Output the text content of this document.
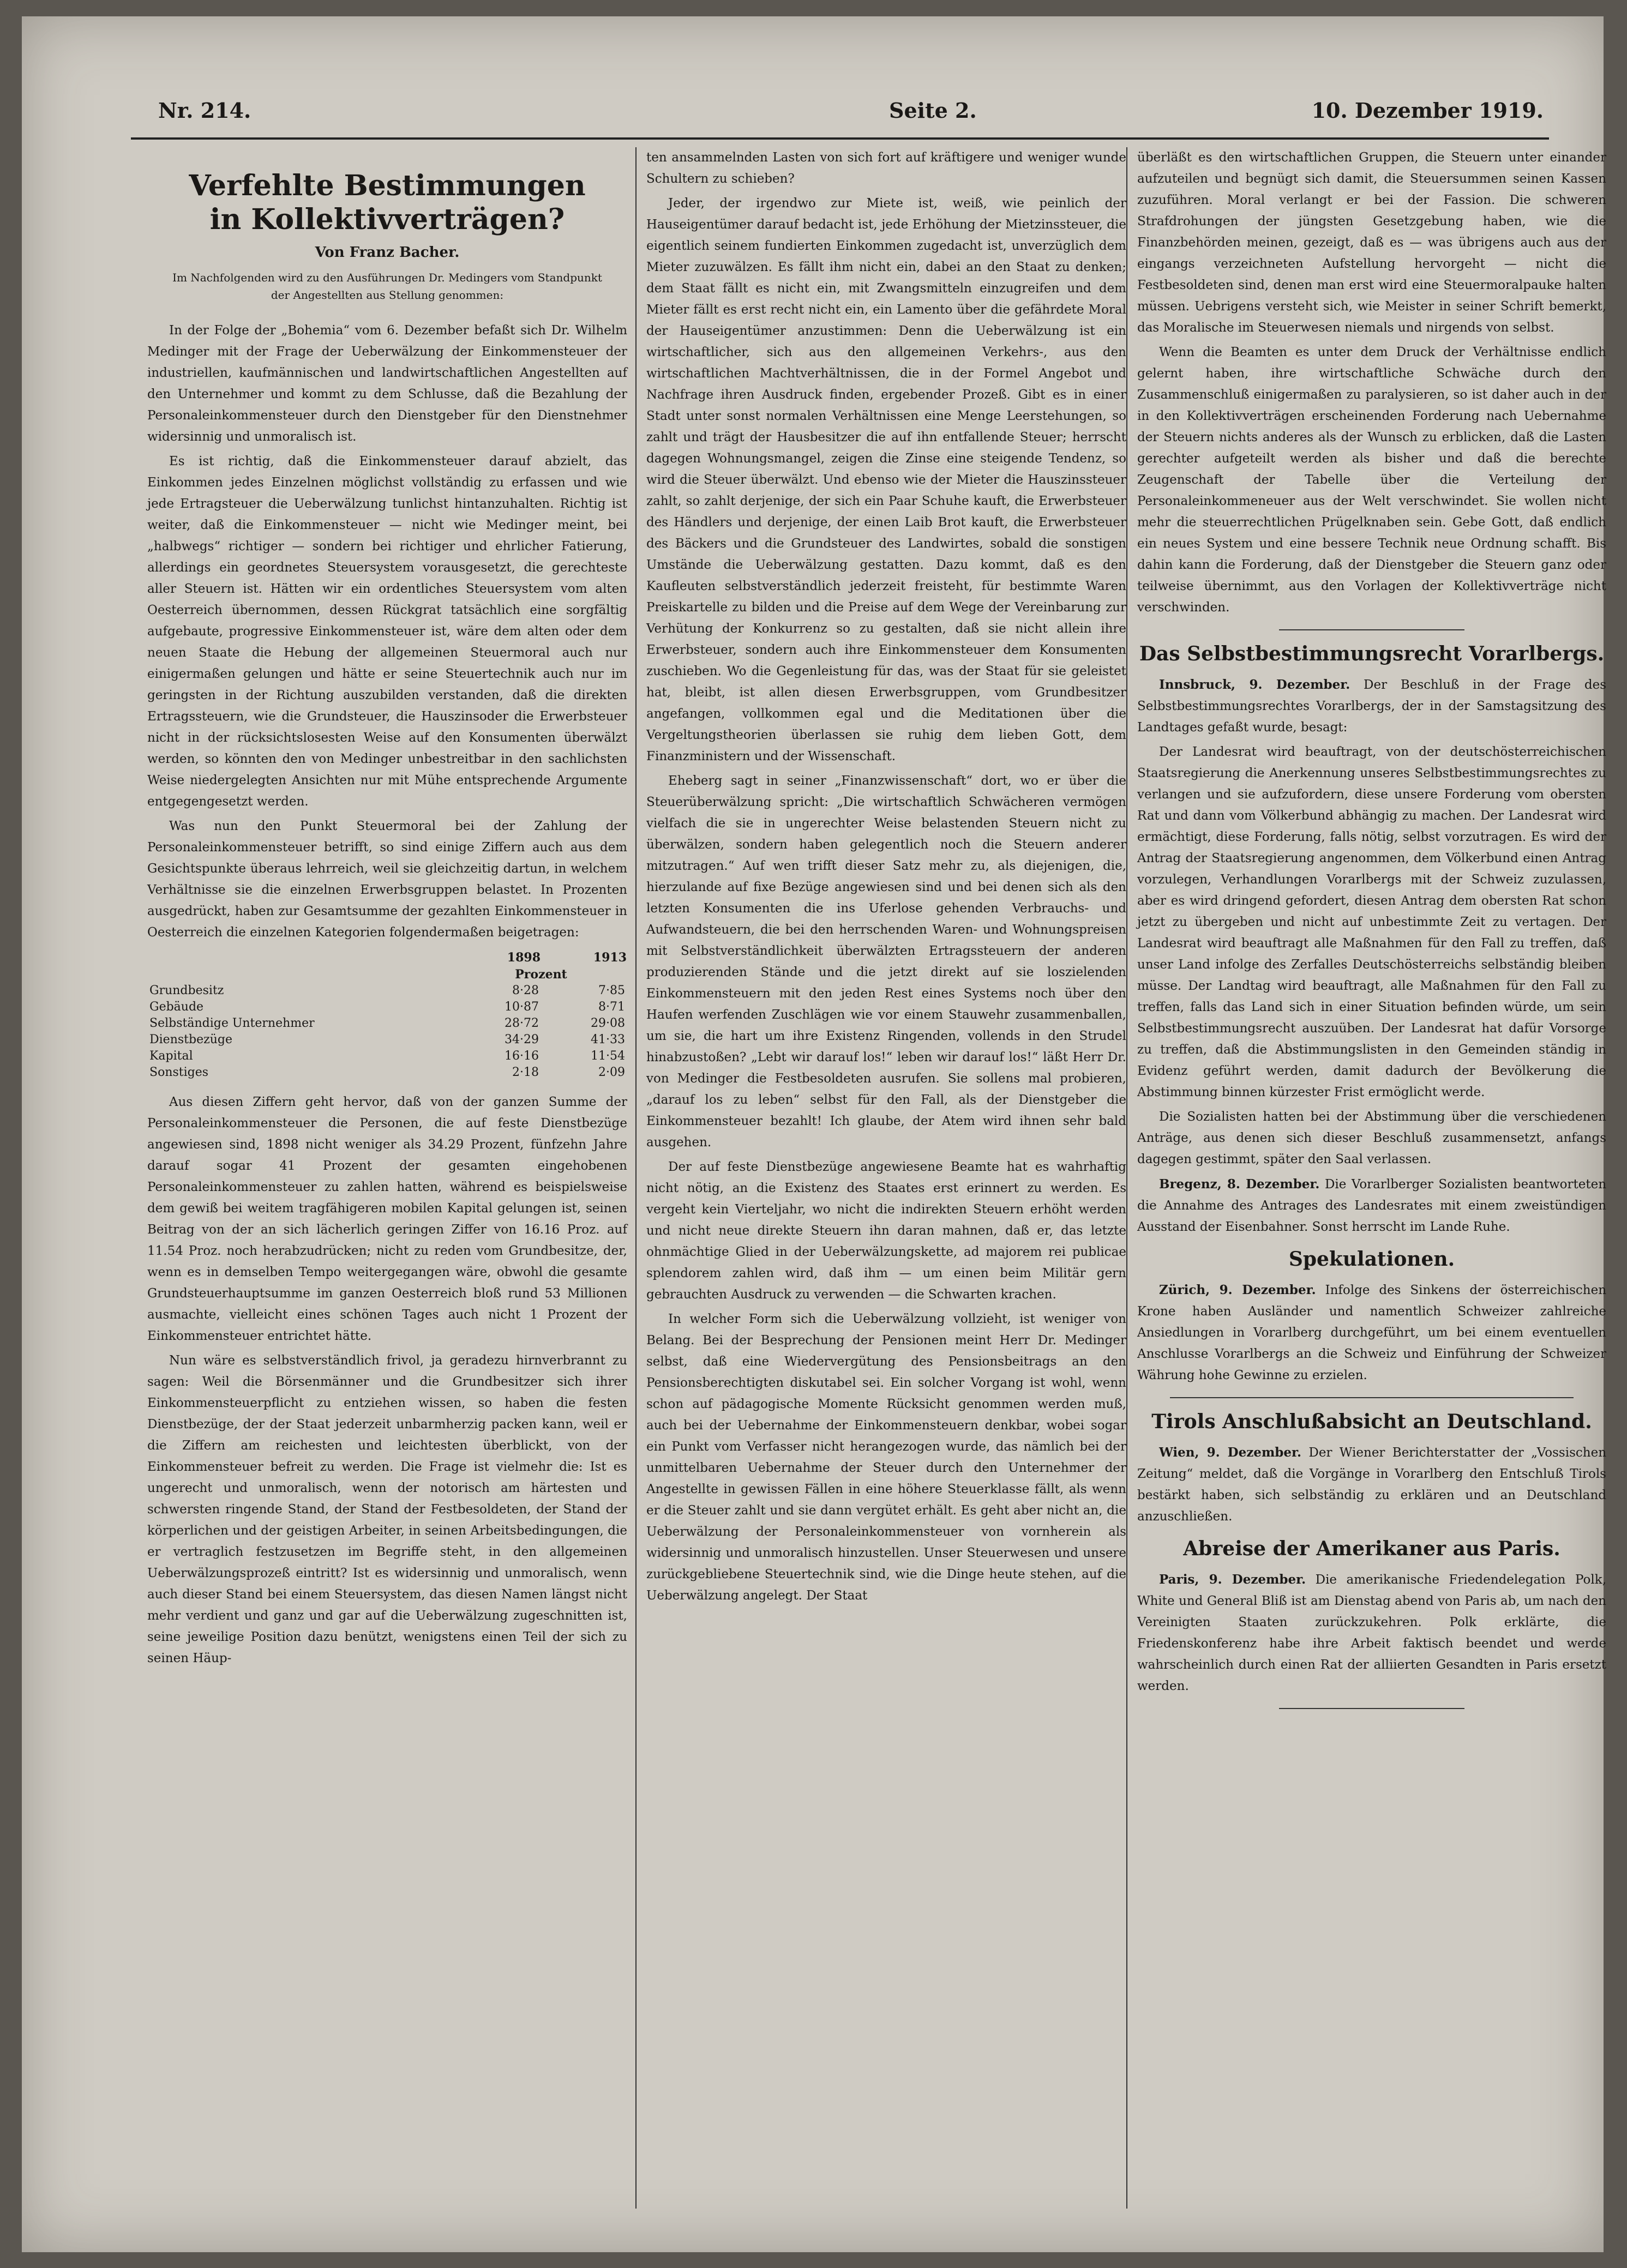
Nr. 214.	Seite 2.	10. Dezember 1919.
Verfehlte Bestimmungen
in Kollektivverträgen?
Von Franz Bacher.
Im Nachfolgenden wird zu den Ausführungen Dr. Medingers vom Standpunkt der Angestellten aus Stellung genommen:

In der Folge der „Bohemia“ vom 6. Dezember befaßt sich Dr. Wilhelm Medinger mit der Frage der Ueberwälzung der Einkommensteuer der industriellen, kaufmännischen und landwirtschaftlichen Angestellten auf den Unternehmer und kommt zu dem Schlusse, daß die Bezahlung der Personaleinkommensteuer durch den Dienstgeber für den Dienstnehmer widersinnig und unmoralisch ist.

Es ist richtig, daß die Einkommensteuer darauf abzielt, das Einkommen jedes Einzelnen möglichst vollständig zu erfassen und wie jede Ertragsteuer die Ueberwälzung tunlichst hintanzuhalten. Richtig ist weiter, daß die Einkommensteuer — nicht wie Medinger meint, bei „halbwegs“ richtiger — sondern bei richtiger und ehrlicher Fatierung, allerdings ein geordnetes Steuersystem vorausgesetzt, die gerechteste aller Steuern ist. Hätten wir ein ordentliches Steuersystem vom alten Oesterreich übernommen, dessen Rückgrat tatsächlich eine sorgfältig aufgebaute, progressive Einkommensteuer ist, wäre dem alten oder dem neuen Staate die Hebung der allgemeinen Steuermoral auch nur einigermaßen gelungen und hätte er seine Steuertechnik auch nur im geringsten in der Richtung auszubilden verstanden, daß die direkten Ertragssteuern, wie die Grundsteuer, die Hauszinsoder die Erwerbsteuer nicht in der rücksichtslosesten Weise auf den Konsumenten überwälzt werden, so könnten den von Medinger unbestreitbar in den sachlichsten Weise niedergelegten Ansichten nur mit Mühe entsprechende Argumente entgegengesetzt werden.

Was nun den Punkt Steuermoral bei der Zahlung der Personaleinkommensteuer betrifft, so sind einige Ziffern auch aus dem Gesichtspunkte überaus lehrreich, weil sie gleichzeitig dartun, in welchem Verhältnisse sie die einzelnen Erwerbsgruppen belastet. In Prozenten ausgedrückt, haben zur Gesamtsumme der gezahlten Einkommensteuer in Oesterreich die einzelnen Kategorien folgendermaßen beigetragen:

	1898	1913
	Prozent	
Grundbesitz	8·28	7·85
Gebäude	10·87	8·71
Selbständige Unternehmer	28·72	29·08
Dienstbezüge	34·29	41·33
Kapital	16·16	11·54
Sonstiges	2·18	2·09

Aus diesen Ziffern geht hervor, daß von der ganzen Summe der Personaleinkommensteuer die Personen, die auf feste Dienstbezüge angewiesen sind, 1898 nicht weniger als 34.29 Prozent, fünfzehn Jahre darauf sogar 41 Prozent der gesamten eingehobenen Personaleinkommensteuer zu zahlen hatten, während es beispielsweise dem gewiß bei weitem tragfähigeren mobilen Kapital gelungen ist, seinen Beitrag von der an sich lächerlich geringen Ziffer von 16.16 Proz. auf 11.54 Proz. noch herabzudrücken; nicht zu reden vom Grundbesitze, der, wenn es in demselben Tempo weitergegangen wäre, obwohl die gesamte Grundsteuerhauptsumme im ganzen Oesterreich bloß rund 53 Millionen ausmachte, vielleicht eines schönen Tages auch nicht 1 Prozent der Einkommensteuer entrichtet hätte.

Nun wäre es selbstverständlich frivol, ja geradezu hirnverbrannt zu sagen: Weil die Börsenmänner und die Grundbesitzer sich ihrer Einkommensteuerpflicht zu entziehen wissen, so haben die festen Dienstbezüge, der der Staat jederzeit unbarmherzig packen kann, weil er die Ziffern am reichesten und leichtesten überblickt, von der Einkommensteuer befreit zu werden. Die Frage ist vielmehr die: Ist es ungerecht und unmoralisch, wenn der notorisch am härtesten und schwersten ringende Stand, der Stand der Festbesoldeten, der Stand der körperlichen und der geistigen Arbeiter, in seinen Arbeitsbedingungen, die er vertraglich festzusetzen im Begriffe steht, in den allgemeinen Ueberwälzungsprozeß eintritt? Ist es widersinnig und unmoralisch, wenn auch dieser Stand bei einem Steuersystem, das diesen Namen längst nicht mehr verdient und ganz und gar auf die Ueberwälzung zugeschnitten ist, seine jeweilige Position dazu benützt, wenigstens einen Teil der sich zu seinen Häup-

ten ansammelnden Lasten von sich fort auf kräftigere und weniger wunde Schultern zu schieben?

Jeder, der irgendwo zur Miete ist, weiß, wie peinlich der Hauseigentümer darauf bedacht ist, jede Erhöhung der Mietzinssteuer, die eigentlich seinem fundierten Einkommen zugedacht ist, unverzüglich dem Mieter zuzuwälzen. Es fällt ihm nicht ein, dabei an den Staat zu denken; dem Staat fällt es nicht ein, mit Zwangsmitteln einzugreifen und dem Mieter fällt es erst recht nicht ein, ein Lamento über die gefährdete Moral der Hauseigentümer anzustimmen: Denn die Ueberwälzung ist ein wirtschaftlicher, sich aus den allgemeinen Verkehrs-, aus den wirtschaftlichen Machtverhältnissen, die in der Formel Angebot und Nachfrage ihren Ausdruck finden, ergebender Prozeß. Gibt es in einer Stadt unter sonst normalen Verhältnissen eine Menge Leerstehungen, so zahlt und trägt der Hausbesitzer die auf ihn entfallende Steuer; herrscht dagegen Wohnungsmangel, zeigen die Zinse eine steigende Tendenz, so wird die Steuer überwälzt. Und ebenso wie der Mieter die Hauszinssteuer zahlt, so zahlt derjenige, der sich ein Paar Schuhe kauft, die Erwerbsteuer des Händlers und derjenige, der einen Laib Brot kauft, die Erwerbsteuer des Bäckers und die Grundsteuer des Landwirtes, sobald die sonstigen Umstände die Ueberwälzung gestatten. Dazu kommt, daß es den Kaufleuten selbstverständlich jederzeit freisteht, für bestimmte Waren Preiskartelle zu bilden und die Preise auf dem Wege der Vereinbarung zur Verhütung der Konkurrenz so zu gestalten, daß sie nicht allein ihre Erwerbsteuer, sondern auch ihre Einkommensteuer dem Konsumenten zuschieben. Wo die Gegenleistung für das, was der Staat für sie geleistet hat, bleibt, ist allen diesen Erwerbsgruppen, vom Grundbesitzer angefangen, vollkommen egal und die Meditationen über die Vergeltungstheorien überlassen sie ruhig dem lieben Gott, dem Finanzministern und der Wissenschaft.

Eheberg sagt in seiner „Finanzwissenschaft“ dort, wo er über die Steuerüberwälzung spricht: „Die wirtschaftlich Schwächeren vermögen vielfach die sie in ungerechter Weise belastenden Steuern nicht zu überwälzen, sondern haben gelegentlich noch die Steuern anderer mitzutragen.“ Auf wen trifft dieser Satz mehr zu, als diejenigen, die, hierzulande auf fixe Bezüge angewiesen sind und bei denen sich als den letzten Konsumenten die ins Uferlose gehenden Verbrauchs- und Aufwandsteuern, die bei den herrschenden Waren- und Wohnungspreisen mit Selbstverständlichkeit überwälzten Ertragssteuern der anderen produzierenden Stände und die jetzt direkt auf sie loszielenden Einkommensteuern mit den jeden Rest eines Systems noch über den Haufen werfenden Zuschlägen wie vor einem Stauwehr zusammenballen, um sie, die hart um ihre Existenz Ringenden, vollends in den Strudel hinabzustoßen? „Lebt wir darauf los!“ leben wir darauf los!“ läßt Herr Dr. von Medinger die Festbesoldeten ausrufen. Sie sollens mal probieren, „darauf los zu leben“ selbst für den Fall, als der Dienstgeber die Einkommensteuer bezahlt! Ich glaube, der Atem wird ihnen sehr bald ausgehen.

Der auf feste Dienstbezüge angewiesene Beamte hat es wahrhaftig nicht nötig, an die Existenz des Staates erst erinnert zu werden. Es vergeht kein Vierteljahr, wo nicht die indirekten Steuern erhöht werden und nicht neue direkte Steuern ihn daran mahnen, daß er, das letzte ohnmächtige Glied in der Ueberwälzungskette, ad majorem rei publicae splendorem zahlen wird, daß ihm — um einen beim Militär gern gebrauchten Ausdruck zu verwenden — die Schwarten krachen.

In welcher Form sich die Ueberwälzung vollzieht, ist weniger von Belang. Bei der Besprechung der Pensionen meint Herr Dr. Medinger selbst, daß eine Wiedervergütung des Pensionsbeitrags an den Pensionsberechtigten diskutabel sei. Ein solcher Vorgang ist wohl, wenn schon auf pädagogische Momente Rücksicht genommen werden muß, auch bei der Uebernahme der Einkommensteuern denkbar, wobei sogar ein Punkt vom Verfasser nicht herangezogen wurde, das nämlich bei der unmittelbaren Uebernahme der Steuer durch den Unternehmer der Angestellte in gewissen Fällen in eine höhere Steuerklasse fällt, als wenn er die Steuer zahlt und sie dann vergütet erhält. Es geht aber nicht an, die Ueberwälzung der Personaleinkommensteuer von vornherein als widersinnig und unmoralisch hinzustellen. Unser Steuerwesen und unsere zurückgebliebene Steuertechnik sind, wie die Dinge heute stehen, auf die Ueberwälzung angelegt. Der Staat

überläßt es den wirtschaftlichen Gruppen, die Steuern unter einander aufzuteilen und begnügt sich damit, die Steuersummen seinen Kassen zuzuführen. Moral verlangt er bei der Fassion. Die schweren Strafdrohungen der jüngsten Gesetzgebung haben, wie die Finanzbehörden meinen, gezeigt, daß es — was übrigens auch aus der eingangs verzeichneten Aufstellung hervorgeht — nicht die Festbesoldeten sind, denen man erst wird eine Steuermoralpauke halten müssen. Uebrigens versteht sich, wie Meister in seiner Schrift bemerkt, das Moralische im Steuerwesen niemals und nirgends von selbst.

Wenn die Beamten es unter dem Druck der Verhältnisse endlich gelernt haben, ihre wirtschaftliche Schwäche durch den Zusammenschluß einigermaßen zu paralysieren, so ist daher auch in der in den Kollektivverträgen erscheinenden Forderung nach Uebernahme der Steuern nichts anderes als der Wunsch zu erblicken, daß die Lasten gerechter aufgeteilt werden als bisher und daß die berechte Zeugenschaft der Tabelle über die Verteilung der Personaleinkommeneuer aus der Welt verschwindet. Sie wollen nicht mehr die steuerrechtlichen Prügelknaben sein. Gebe Gott, daß endlich ein neues System und eine bessere Technik neue Ordnung schafft. Bis dahin kann die Forderung, daß der Dienstgeber die Steuern ganz oder teilweise übernimmt, aus den Vorlagen der Kollektivverträge nicht verschwinden.

Das Selbstbestimmungsrecht Vorarlbergs.

Innsbruck, 9. Dezember. Der Beschluß in der Frage des Selbstbestimmungsrechtes Vorarlbergs, der in der Samstagsitzung des Landtages gefaßt wurde, besagt:

Der Landesrat wird beauftragt, von der deutschösterreichischen Staatsregierung die Anerkennung unseres Selbstbestimmungsrechtes zu verlangen und sie aufzufordern, diese unsere Forderung vom obersten Rat und dann vom Völkerbund abhängig zu machen. Der Landesrat wird ermächtigt, diese Forderung, falls nötig, selbst vorzutragen. Es wird der Antrag der Staatsregierung angenommen, dem Völkerbund einen Antrag vorzulegen, Verhandlungen Vorarlbergs mit der Schweiz zuzulassen, aber es wird dringend gefordert, diesen Antrag dem obersten Rat schon jetzt zu übergeben und nicht auf unbestimmte Zeit zu vertagen. Der Landesrat wird beauftragt alle Maßnahmen für den Fall zu treffen, daß unser Land infolge des Zerfalles Deutschösterreichs selbständig bleiben müsse. Der Landtag wird beauftragt, alle Maßnahmen für den Fall zu treffen, falls das Land sich in einer Situation befinden würde, um sein Selbstbestimmungsrecht auszuüben. Der Landesrat hat dafür Vorsorge zu treffen, daß die Abstimmungslisten in den Gemeinden ständig in Evidenz geführt werden, damit dadurch der Bevölkerung die Abstimmung binnen kürzester Frist ermöglicht werde.

Die Sozialisten hatten bei der Abstimmung über die verschiedenen Anträge, aus denen sich dieser Beschluß zusammensetzt, anfangs dagegen gestimmt, später den Saal verlassen.

Bregenz, 8. Dezember. Die Vorarlberger Sozialisten beantworteten die Annahme des Antrages des Landesrates mit einem zweistündigen Ausstand der Eisenbahner. Sonst herrscht im Lande Ruhe.

Spekulationen.

Zürich, 9. Dezember. Infolge des Sinkens der österreichischen Krone haben Ausländer und namentlich Schweizer zahlreiche Ansiedlungen in Vorarlberg durchgeführt, um bei einem eventuellen Anschlusse Vorarlbergs an die Schweiz und Einführung der Schweizer Währung hohe Gewinne zu erzielen.

Tirols Anschlußabsicht an Deutschland.

Wien, 9. Dezember. Der Wiener Berichterstatter der „Vossischen Zeitung“ meldet, daß die Vorgänge in Vorarlberg den Entschluß Tirols bestärkt haben, sich selbständig zu erklären und an Deutschland anzuschließen.

Abreise der Amerikaner aus Paris.

Paris, 9. Dezember. Die amerikanische Friedendelegation Polk, White und General Bliß ist am Dienstag abend von Paris ab, um nach den Vereinigten Staaten zurückzukehren. Polk erklärte, die Friedenskonferenz habe ihre Arbeit faktisch beendet und werde wahrscheinlich durch einen Rat der alliierten Gesandten in Paris ersetzt werden.
